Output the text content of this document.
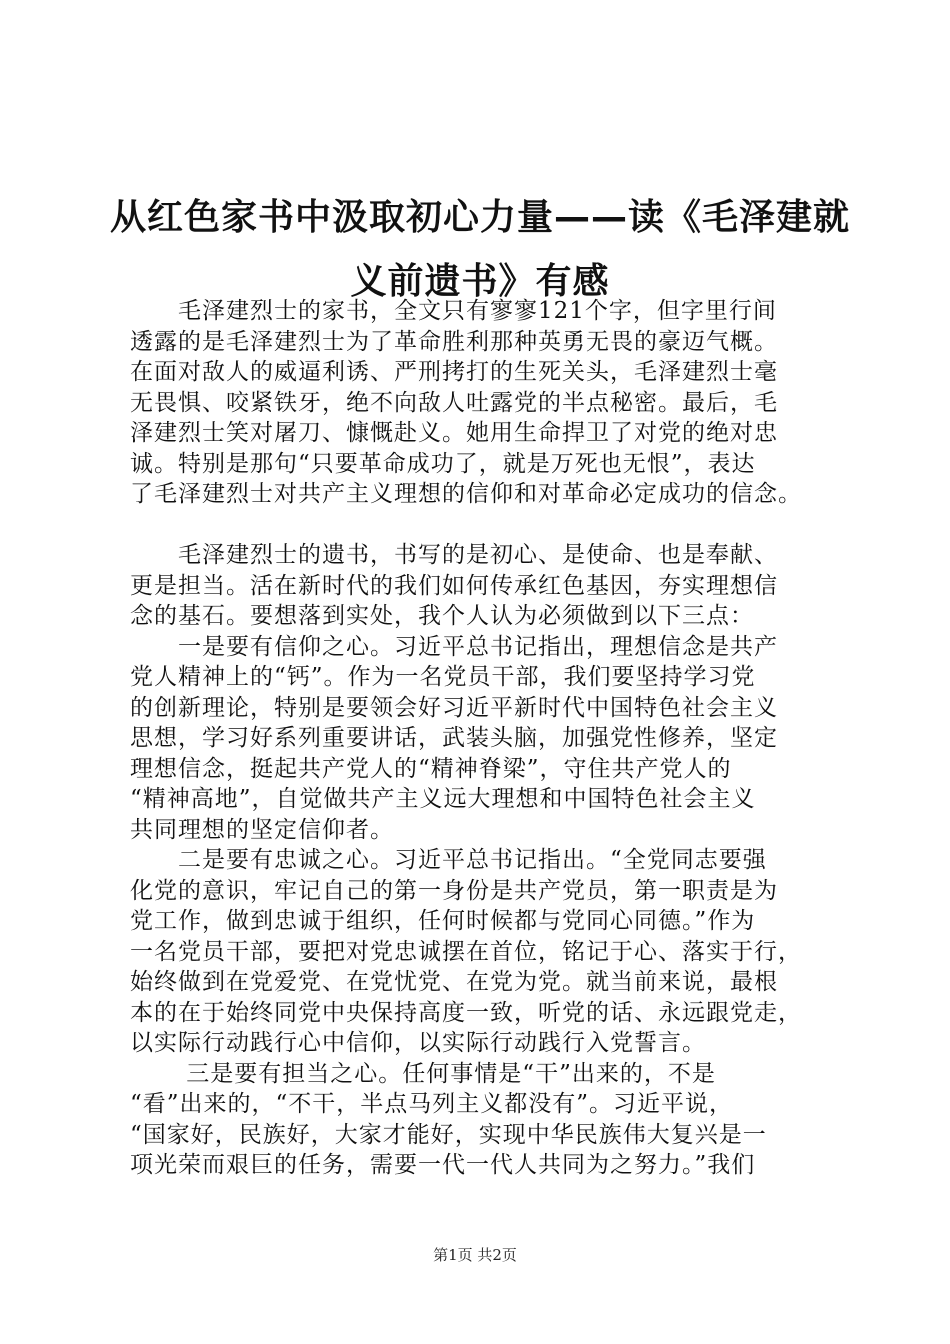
从红色家书中汲取初心力量——读《毛泽建就
义前遗书》有感
　　毛泽建烈士的家书，全文只有寥寥121个字，但字里行间
透露的是毛泽建烈士为了革命胜利那种英勇无畏的豪迈气概。
在面对敌人的威逼利诱、严刑拷打的生死关头，毛泽建烈士毫
无畏惧、咬紧铁牙，绝不向敌人吐露党的半点秘密。最后，毛
泽建烈士笑对屠刀、慷慨赴义。她用生命捍卫了对党的绝对忠
诚。特别是那句“只要革命成功了，就是万死也无恨”，表达
了毛泽建烈士对共产主义理想的信仰和对革命必定成功的信念。
　　毛泽建烈士的遗书，书写的是初心、是使命、也是奉献、
更是担当。活在新时代的我们如何传承红色基因，夯实理想信
念的基石。要想落到实处，我个人认为必须做到以下三点：
　　一是要有信仰之心。习近平总书记指出，理想信念是共产
党人精神上的“钙”。作为一名党员干部，我们要坚持学习党
的创新理论，特别是要领会好习近平新时代中国特色社会主义
思想，学习好系列重要讲话，武装头脑，加强党性修养，坚定
理想信念，挺起共产党人的“精神脊梁”，守住共产党人的
“精神高地”，自觉做共产主义远大理想和中国特色社会主义
共同理想的坚定信仰者。
　　二是要有忠诚之心。习近平总书记指出。“全党同志要强
化党的意识，牢记自己的第一身份是共产党员，第一职责是为
党工作，做到忠诚于组织，任何时候都与党同心同德。”作为
一名党员干部，要把对党忠诚摆在首位，铭记于心、落实于行，
始终做到在党爱党、在党忧党、在党为党。就当前来说，最根
本的在于始终同党中央保持高度一致，听党的话、永远跟党走，
以实际行动践行心中信仰，以实际行动践行入党誓言。
　　 三是要有担当之心。任何事情是“干”出来的，不是
“看”出来的，“不干，半点马列主义都没有”。习近平说，
“国家好，民族好，大家才能好，实现中华民族伟大复兴是一
项光荣而艰巨的任务，需要一代一代人共同为之努力。”我们
第1页 共2页
